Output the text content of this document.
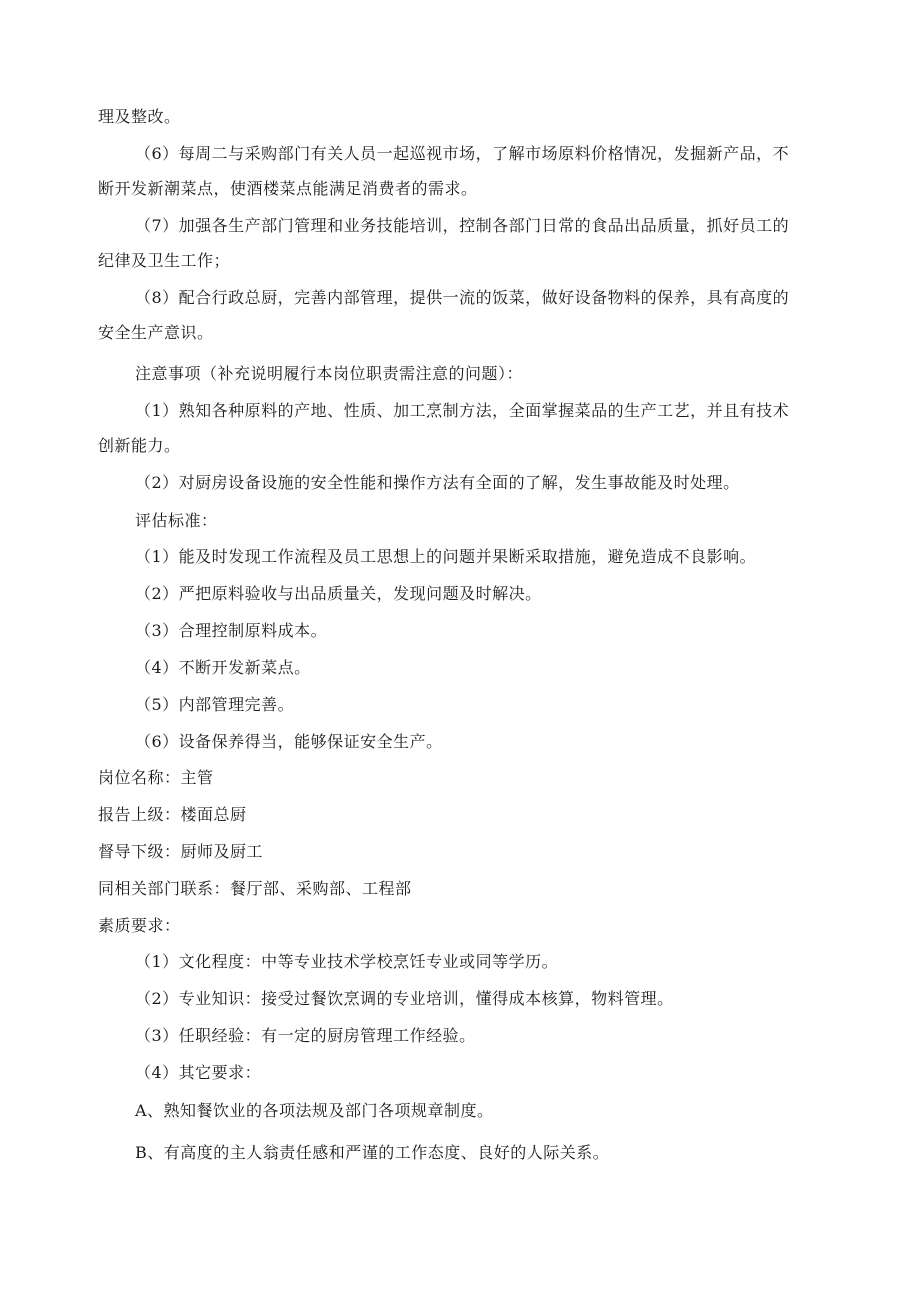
理及整改。
（6）每周二与采购部门有关人员一起巡视市场，了解市场原料价格情况，发掘新产品，不
断开发新潮菜点，使酒楼菜点能满足消费者的需求。
（7）加强各生产部门管理和业务技能培训，控制各部门日常的食品出品质量，抓好员工的
纪律及卫生工作；
（8）配合行政总厨，完善内部管理，提供一流的饭菜，做好设备物料的保养，具有高度的
安全生产意识。
注意事项（补充说明履行本岗位职责需注意的问题）：
（1）熟知各种原料的产地、性质、加工烹制方法，全面掌握菜品的生产工艺，并且有技术
创新能力。
（2）对厨房设备设施的安全性能和操作方法有全面的了解，发生事故能及时处理。
评估标准：
（1）能及时发现工作流程及员工思想上的问题并果断采取措施，避免造成不良影响。
（2）严把原料验收与出品质量关，发现问题及时解决。
（3）合理控制原料成本。
（4）不断开发新菜点。
（5）内部管理完善。
（6）设备保养得当，能够保证安全生产。
岗位名称：主管
报告上级：楼面总厨
督导下级：厨师及厨工
同相关部门联系：餐厅部、采购部、工程部
素质要求：
（1）文化程度：中等专业技术学校烹饪专业或同等学历。
（2）专业知识：接受过餐饮烹调的专业培训，懂得成本核算，物料管理。
（3）任职经验：有一定的厨房管理工作经验。
（4）其它要求：
A、熟知餐饮业的各项法规及部门各项规章制度。
B、有高度的主人翁责任感和严谨的工作态度、良好的人际关系。
